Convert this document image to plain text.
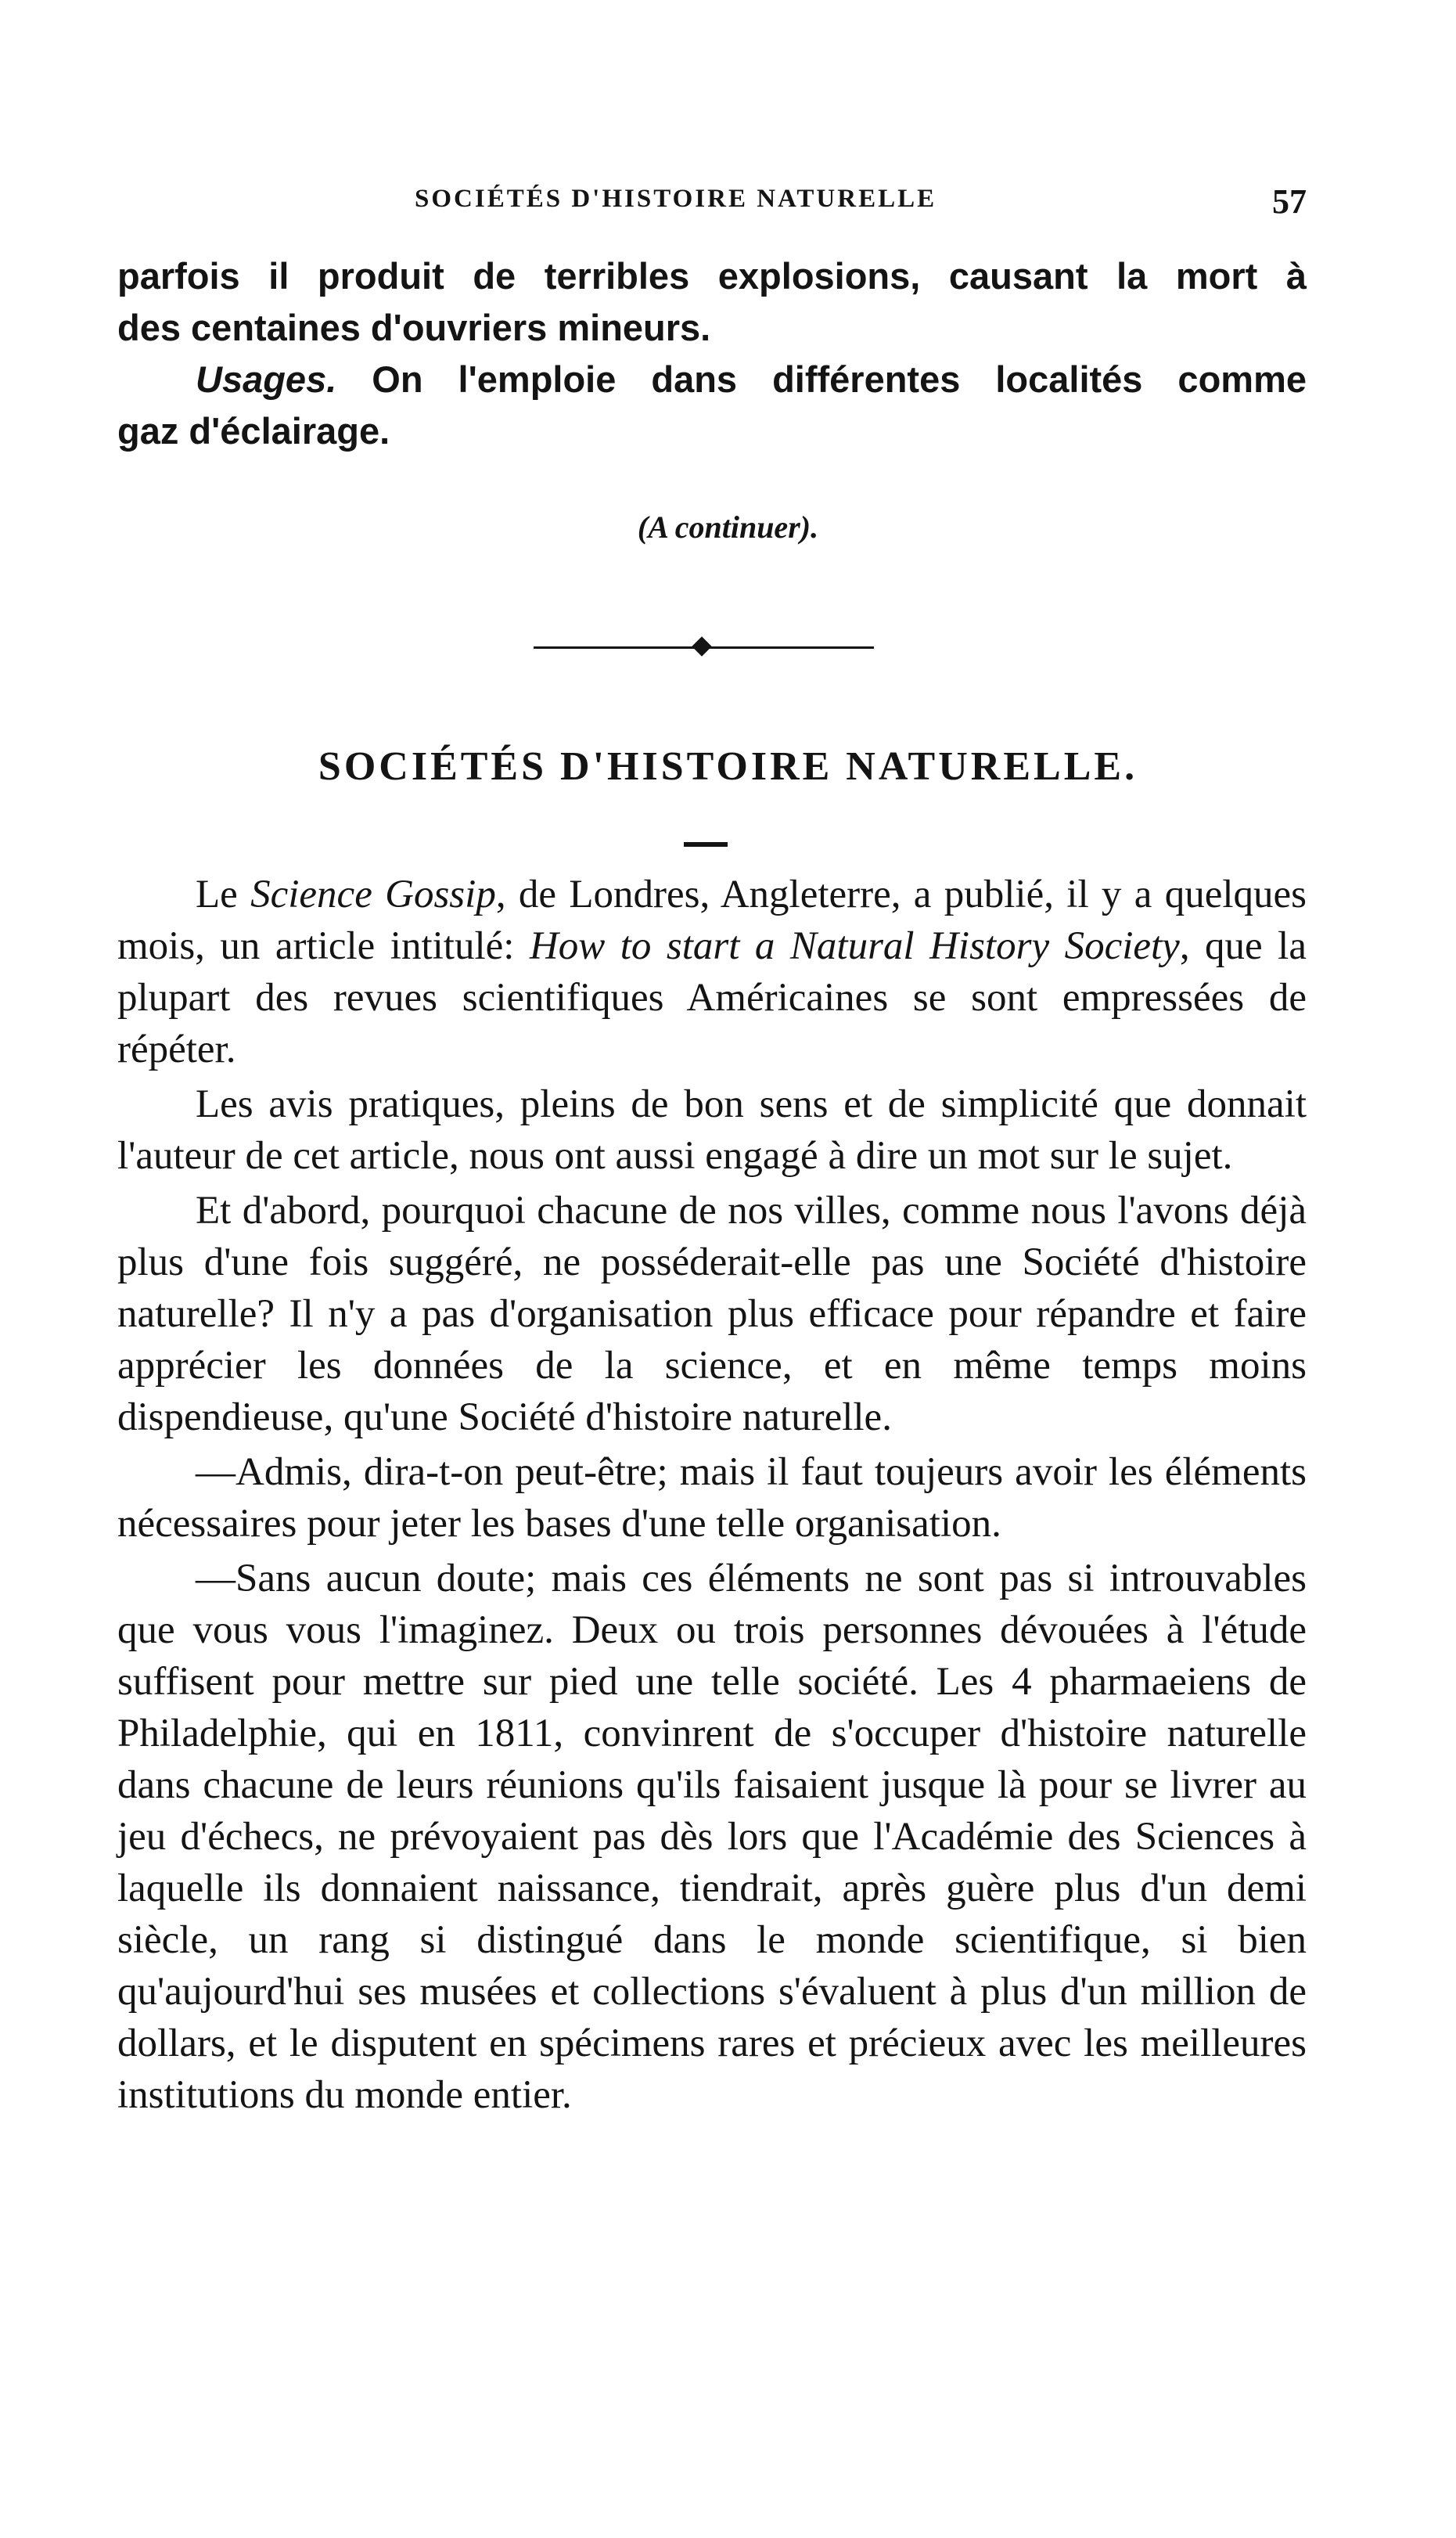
SOCIÉTÉS D'HISTOIRE NATURELLE	57

parfois il produit de terribles explosions, causant la mort à

des centaines d'ouvriers mineurs.

Usages. On l'emploie dans différentes localités comme

gaz d'éclairage.

(A continuer).
SOCIÉTÉS D'HISTOIRE NATURELLE.

Le Science Gossip, de Londres, Angleterre, a publié, il y a quelques mois, un article intitulé: How to start a Natural History Society, que la plupart des revues scientifiques Américaines se sont empressées de répéter.

Les avis pratiques, pleins de bon sens et de simplicité que donnait l'auteur de cet article, nous ont aussi engagé à dire un mot sur le sujet.

Et d'abord, pourquoi chacune de nos villes, comme nous l'avons déjà plus d'une fois suggéré, ne posséderait-elle pas une Société d'histoire naturelle? Il n'y a pas d'organisation plus efficace pour répandre et faire apprécier les données de la science, et en même temps moins dispendieuse, qu'une Société d'histoire naturelle.

—Admis, dira-t-on peut-être; mais il faut toujeurs avoir les éléments nécessaires pour jeter les bases d'une telle organisation.

—Sans aucun doute; mais ces éléments ne sont pas si introuvables que vous vous l'imaginez. Deux ou trois personnes dévouées à l'étude suffisent pour mettre sur pied une telle société. Les 4 pharmaeiens de Philadelphie, qui en 1811, convinrent de s'occuper d'histoire naturelle dans chacune de leurs réunions qu'ils faisaient jusque là pour se livrer au jeu d'échecs, ne prévoyaient pas dès lors que l'Académie des Sciences à laquelle ils donnaient naissance, tiendrait, après guère plus d'un demi siècle, un rang si distingué dans le monde scientifique, si bien qu'aujourd'hui ses musées et collections s'évaluent à plus d'un million de dollars, et le disputent en spécimens rares et précieux avec les meilleures institutions du monde entier.
